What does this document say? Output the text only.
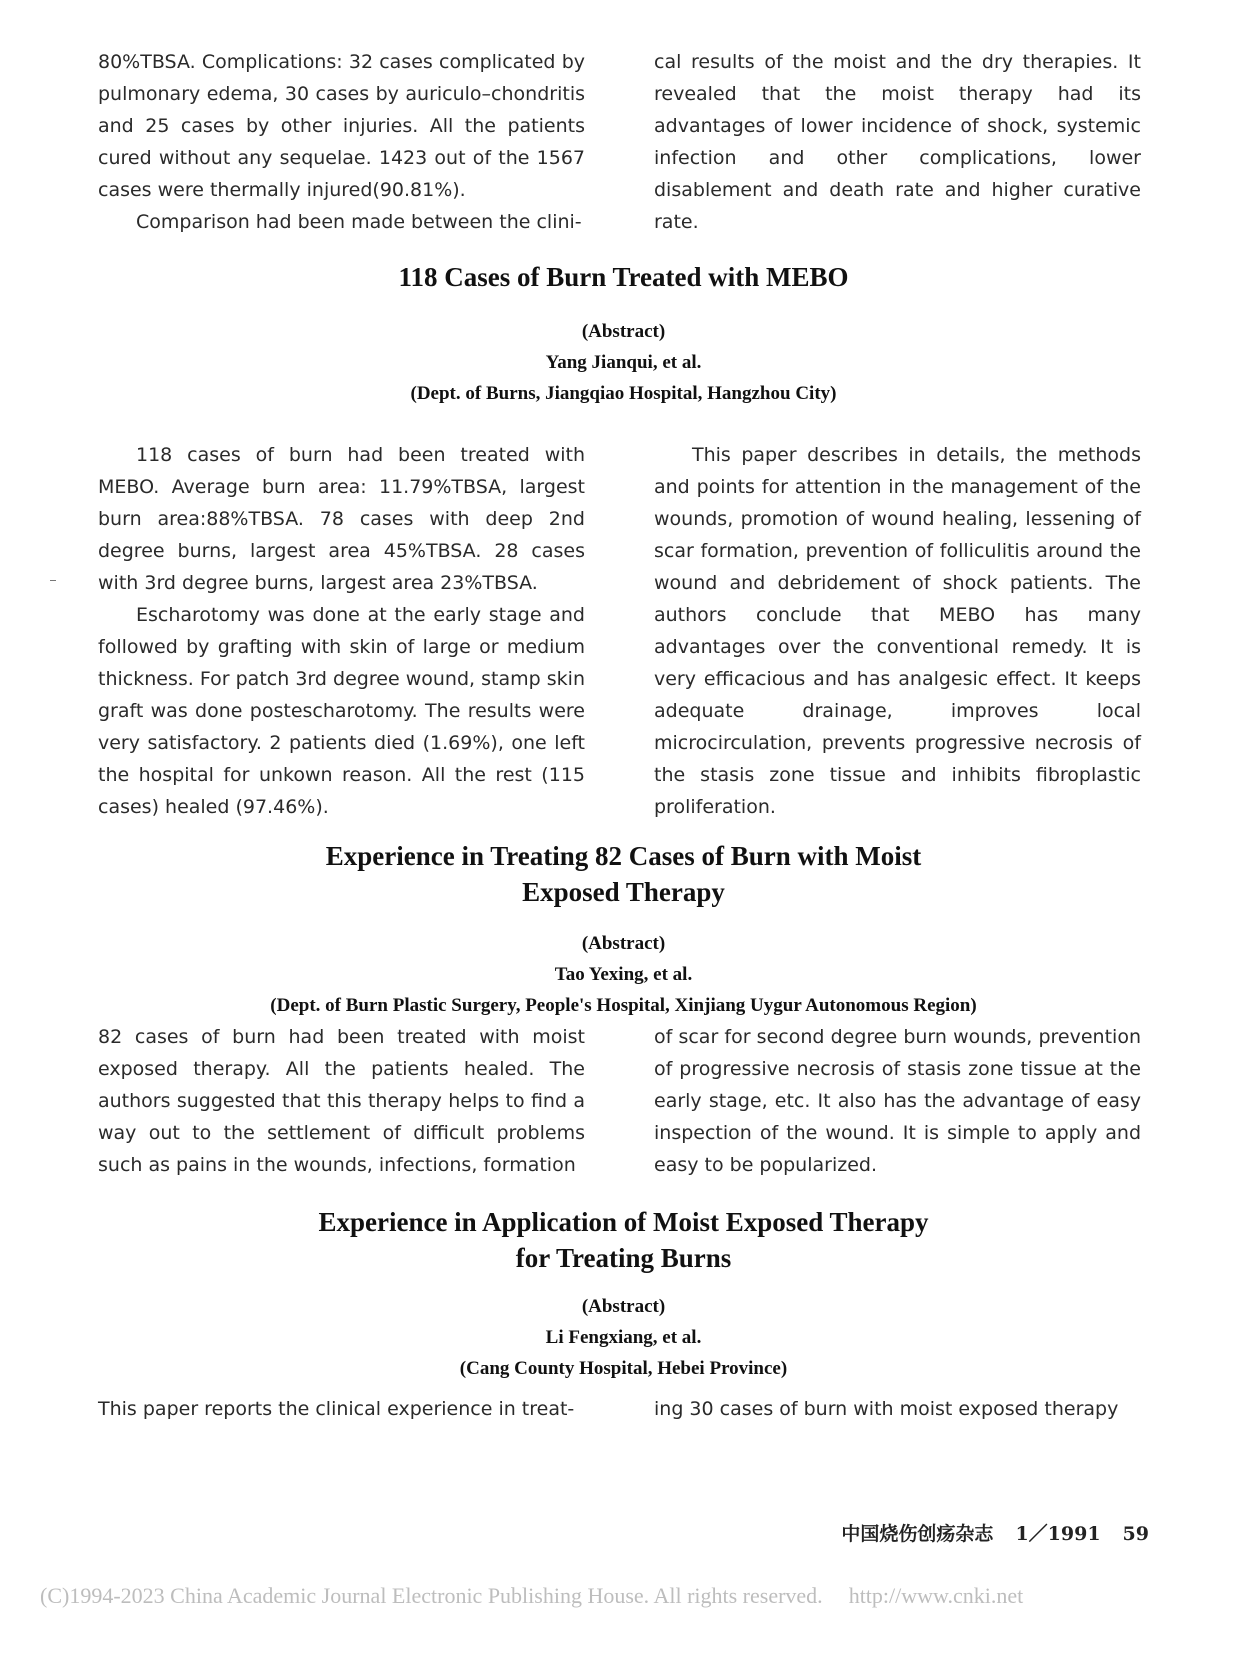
80%TBSA. Complications: 32 cases complicated by pulmonary edema, 30 cases by auriculo–chondritis and 25 cases by other injuries. All the patients cured without any sequelae. 1423 out of the 1567 cases were thermally injured(90.81%).

Comparison had been made between the clini-

cal results of the moist and the dry therapies. It revealed that the moist therapy had its advantages of lower incidence of shock, systemic infection and other complications, lower disablement and death rate and higher curative rate.

118 Cases of Burn Treated with MEBO
(Abstract)
Yang Jianqui, et al.
(Dept. of Burns, Jiangqiao Hospital, Hangzhou City)

118 cases of burn had been treated with MEBO. Average burn area: 11.79%TBSA, largest burn area:88%TBSA. 78 cases with deep 2nd degree burns, largest area 45%TBSA. 28 cases with 3rd degree burns, largest area 23%TBSA.

Escharotomy was done at the early stage and followed by grafting with skin of large or medium thickness. For patch 3rd degree wound, stamp skin graft was done postescharotomy. The results were very satisfactory. 2 patients died (1.69%), one left the hospital for unkown reason. All the rest (115 cases) healed (97.46%).

This paper describes in details, the methods and points for attention in the management of the wounds, promotion of wound healing, lessening of scar formation, prevention of folliculitis around the wound and debridement of shock patients. The authors conclude that MEBO has many advantages over the conventional remedy. It is very efficacious and has analgesic effect. It keeps adequate drainage, improves local microcirculation, prevents progressive necrosis of the stasis zone tissue and inhibits fibroplastic proliferation.

Experience in Treating 82 Cases of Burn with Moist
Exposed Therapy
(Abstract)
Tao Yexing, et al.
(Dept. of Burn Plastic Surgery, People's Hospital, Xinjiang Uygur Autonomous Region)

82 cases of burn had been treated with moist exposed therapy. All the patients healed. The authors suggested that this therapy helps to find a way out to the settlement of difficult problems such as pains in the wounds, infections, formation

of scar for second degree burn wounds, prevention of progressive necrosis of stasis zone tissue at the early stage, etc. It also has the advantage of easy inspection of the wound. It is simple to apply and easy to be popularized.

Experience in Application of Moist Exposed Therapy
for Treating Burns
(Abstract)
Li Fengxiang, et al.
(Cang County Hospital, Hebei Province)

This paper reports the clinical experience in treat-	ing 30 cases of burn with moist exposed therapy

中国烧伤创疡杂志 1／1991 59
(C)1994-2023 China Academic Journal Electronic Publishing House. All rights reserved. http://www.cnki.net
